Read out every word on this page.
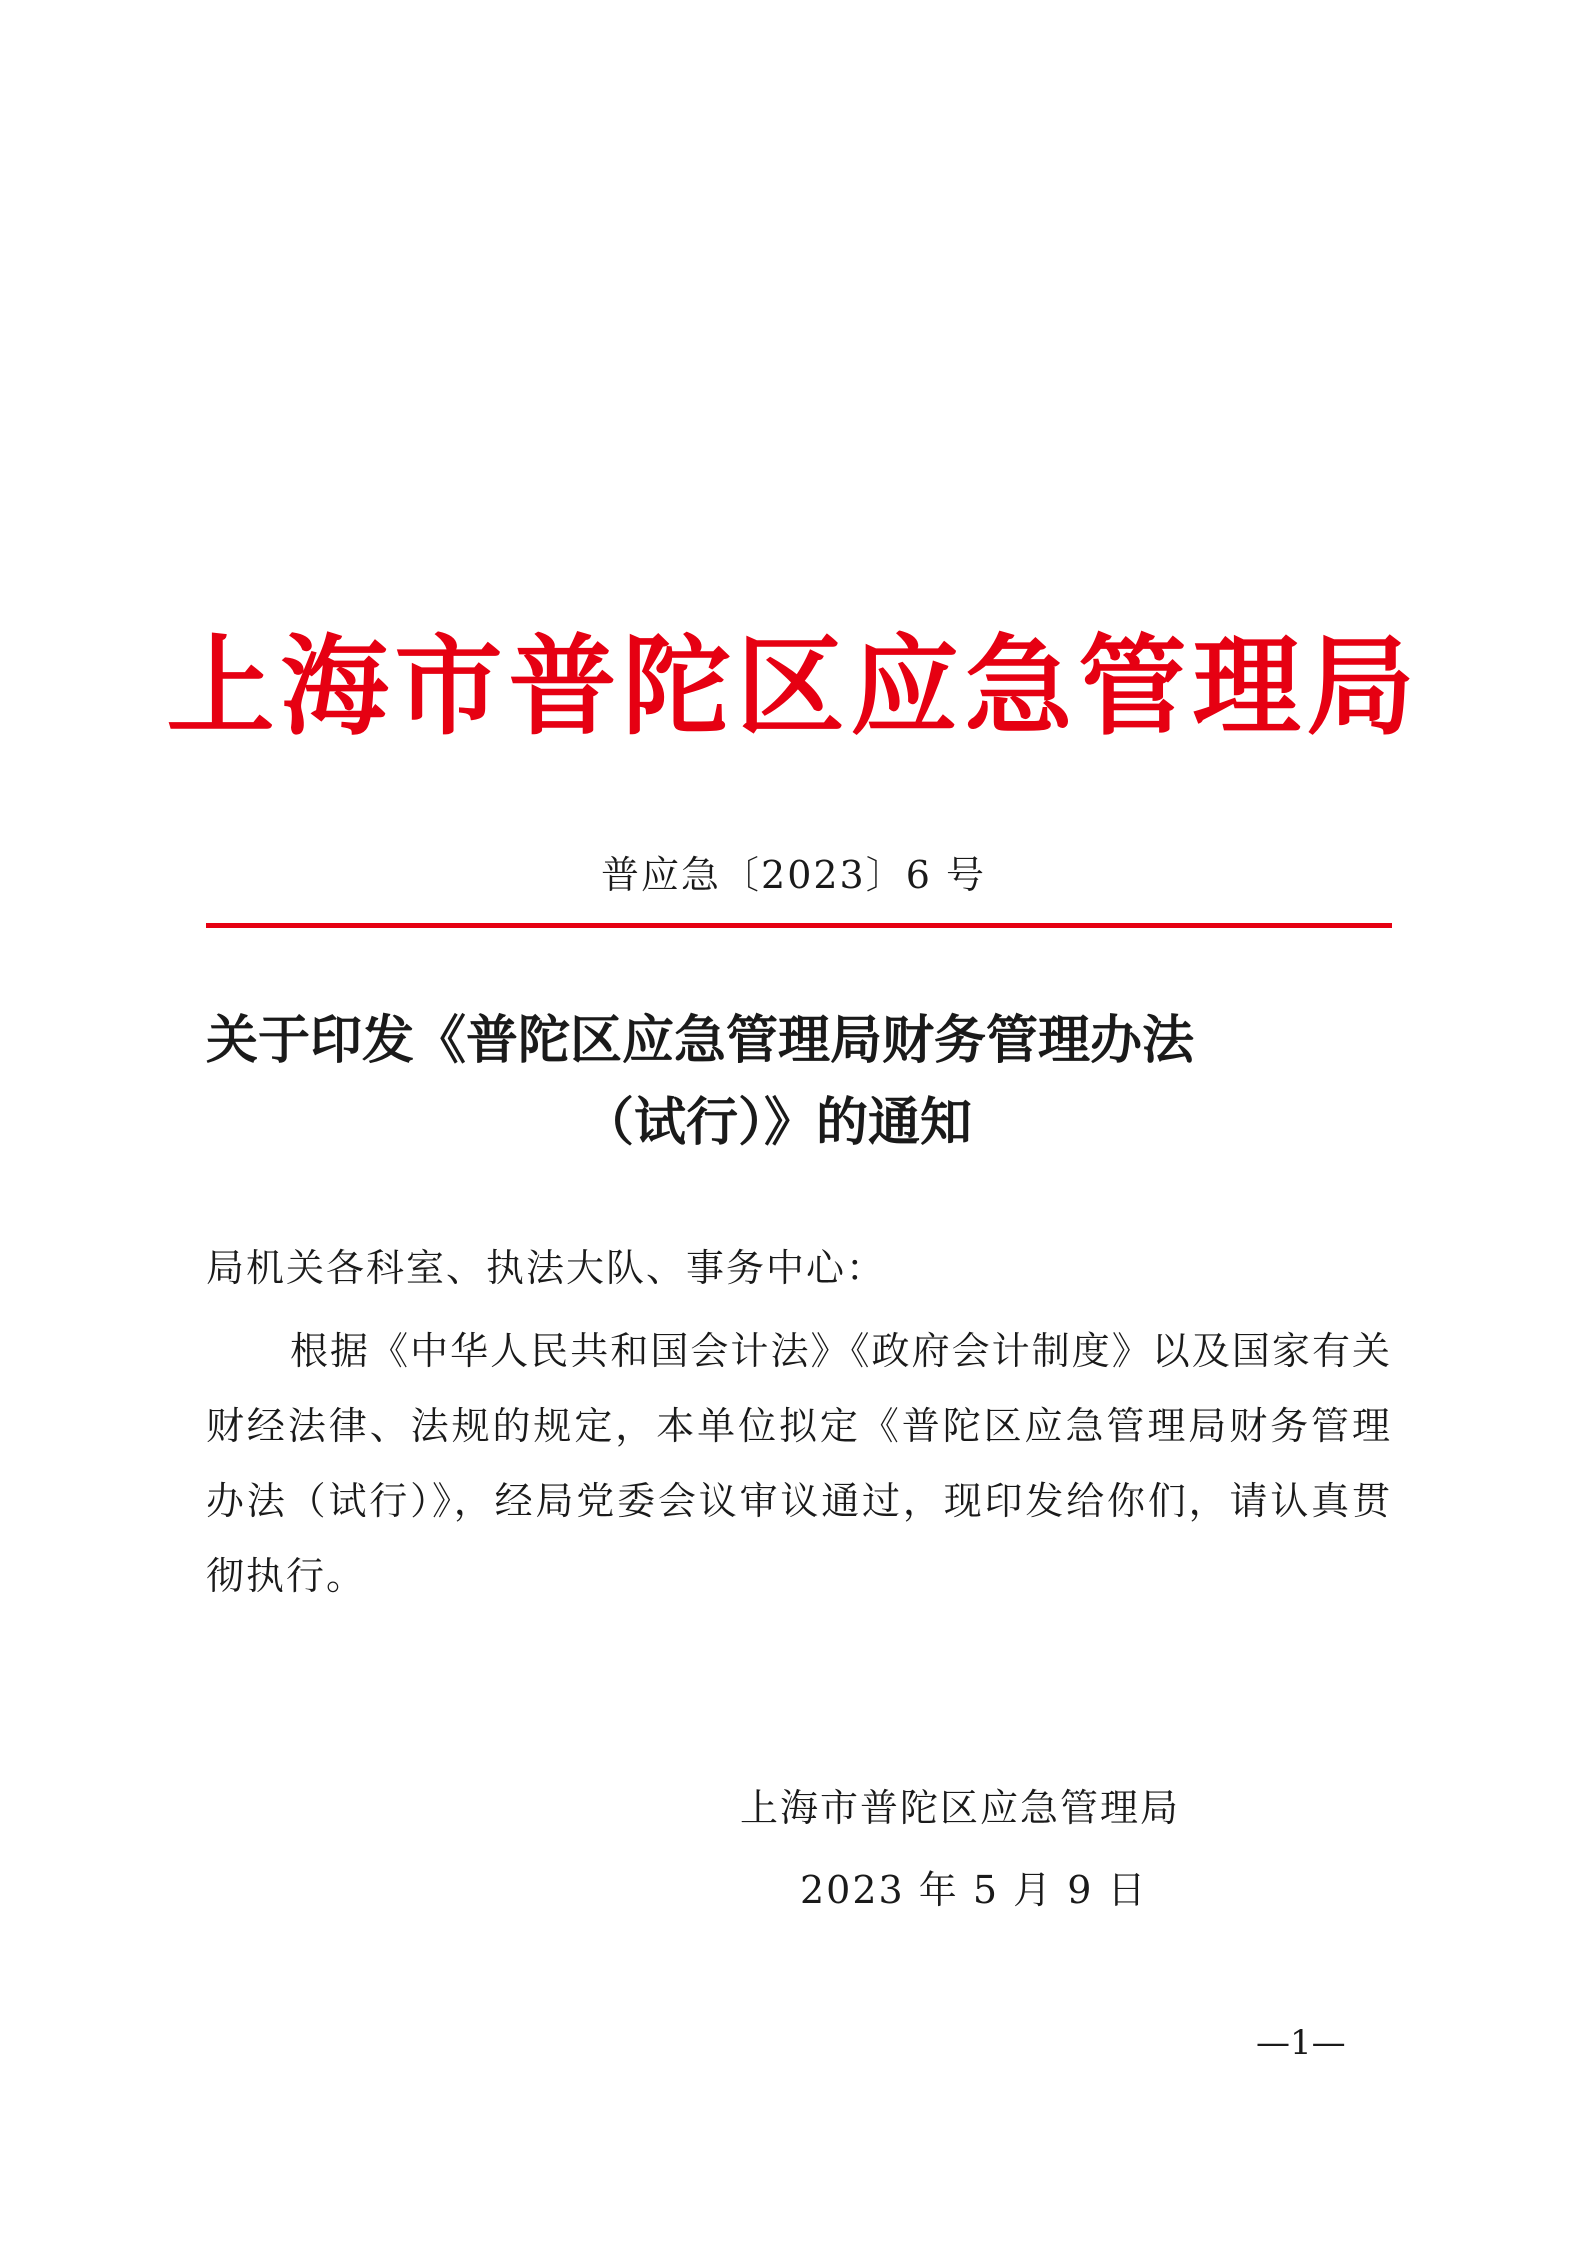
上海市普陀区应急管理局
普应急〔2023〕6 号
关于印发《普陀区应急管理局财务管理办法
（试行）》的通知
局机关各科室、执法大队、事务中心：

根据《中华人民共和国会计法》《政府会计制度》以及国家有关财经法律、法规的规定，本单位拟定《普陀区应急管理局财务管理办法（试行）》，经局党委会议审议通过，现印发给你们，请认真贯彻执行。

上海市普陀区应急管理局
2023 年 5 月 9 日
—1—
